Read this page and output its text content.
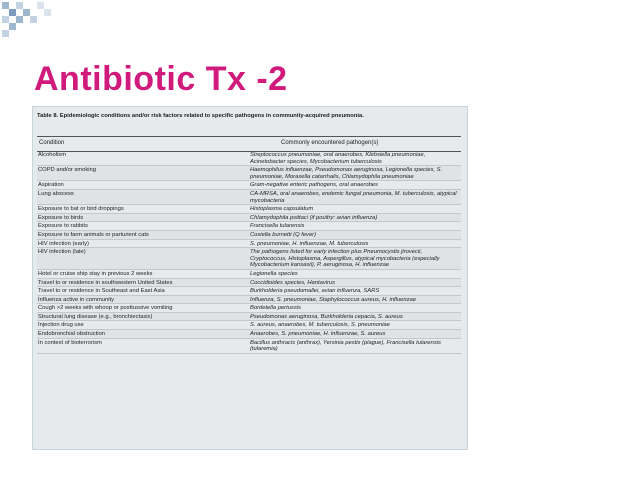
Antibiotic Tx -2
Table 8. Epidemiologic conditions and/or risk factors related to specific pathogens in community-acquired pneumonia.
Condition	Commonly encountered pathogen(s)
Alcoholism	Streptococcus pneumoniae, oral anaerobes, Klebsiella pneumoniae, Acinetobacter species, Mycobacterium tuberculosis
COPD and/or smoking	Haemophilus influenzae, Pseudomonas aeruginosa, Legionella species, S. pneumoniae, Moraxella catarrhalis, Chlamydophila pneumoniae
Aspiration	Gram-negative enteric pathogens, oral anaerobes
Lung abscess	CA-MRSA, oral anaerobes, endemic fungal pneumonia, M. tuberculosis, atypical mycobacteria
Exposure to bat or bird droppings	Histoplasma capsulatum
Exposure to birds	Chlamydophila psittaci (if poultry: avian influenza)
Exposure to rabbits	Francisella tularensis
Exposure to farm animals or parturient cats	Coxiella burnetti (Q fever)
HIV infection (early)	S. pneumoniae, H. influenzae, M. tuberculosis
HIV infection (late)	The pathogens listed for early infection plus Pneumocystis jirovecii, Cryptococcus, Histoplasma, Aspergillus, atypical mycobacteria (especially Mycobacterium kansasii), P. aeruginosa, H. influenzae
Hotel or cruise ship stay in previous 2 weeks	Legionella species
Travel to or residence in southwestern United States	Coccidioides species, Hantavirus
Travel to or residence in Southeast and East Asia	Burkholderia pseudomallei, avian influenza, SARS
Influenza active in community	Influenza, S. pneumoniae, Staphylococcus aureus, H. influenzae
Cough >2 weeks with whoop or posttussive vomiting	Bordetella pertussis
Structural lung disease (e.g., bronchiectasis)	Pseudomonas aeruginosa, Burkholderia cepacia, S. aureus
Injection drug use	S. aureus, anaerobes, M. tuberculosis, S. pneumoniae
Endobronchial obstruction	Anaerobes, S. pneumoniae, H. influenzae, S. aureus
In context of bioterrorism	Bacillus anthracis (anthrax), Yersinia pestis (plague), Francisella tularensis (tularemia)
